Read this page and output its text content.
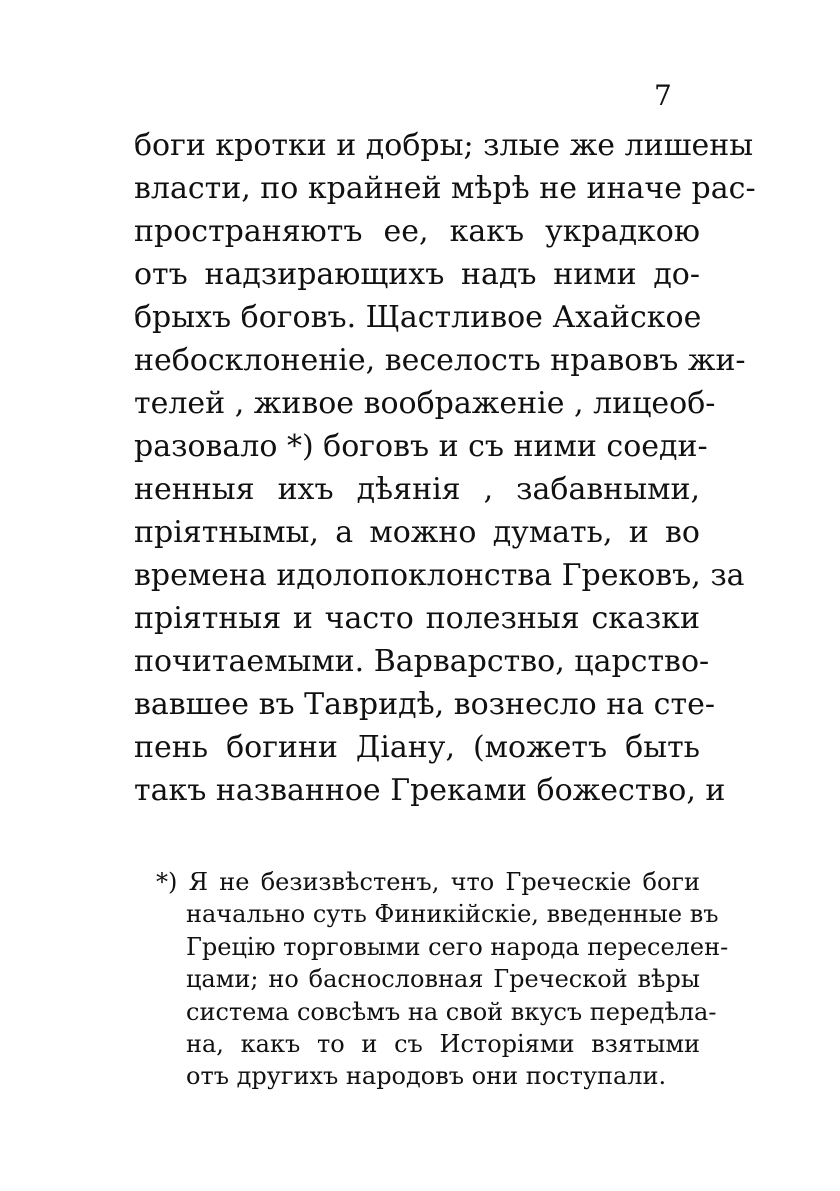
7
боги кротки и добры; злые же лишены
власти, по крайней мѣрѣ не иначе рас-
пространяютъ ее, какъ украдкою
отъ надзирающихъ надъ ними до-
брыхъ боговъ. Щастливое Ахайское
небосклоненіе, веселость нравовъ жи-
телей , живое воображеніе , лицеоб-
разовало *) боговъ и съ ними соеди-
ненныя ихъ дѣянія , забавными,
пріятнымы, а можно думать, и во
времена идолопоклонства Грековъ, за
пріятныя и часто полезныя сказки
почитаемыми. Варварство, царство-
вавшее въ Тавридѣ, вознесло на сте-
пень богини Діану, (можетъ быть
такъ названное Греками божество, и
*) Я не безизвѣстенъ, что Греческіе боги
начально суть Финикійскіе, введенные въ
Грецію торговыми сего народа переселен-
цами; но баснословная Греческой вѣры
система совсѣмъ на свой вкусъ передѣла-
на, какъ то и съ Исторіями взятыми
отъ другихъ народовъ они поступали.
